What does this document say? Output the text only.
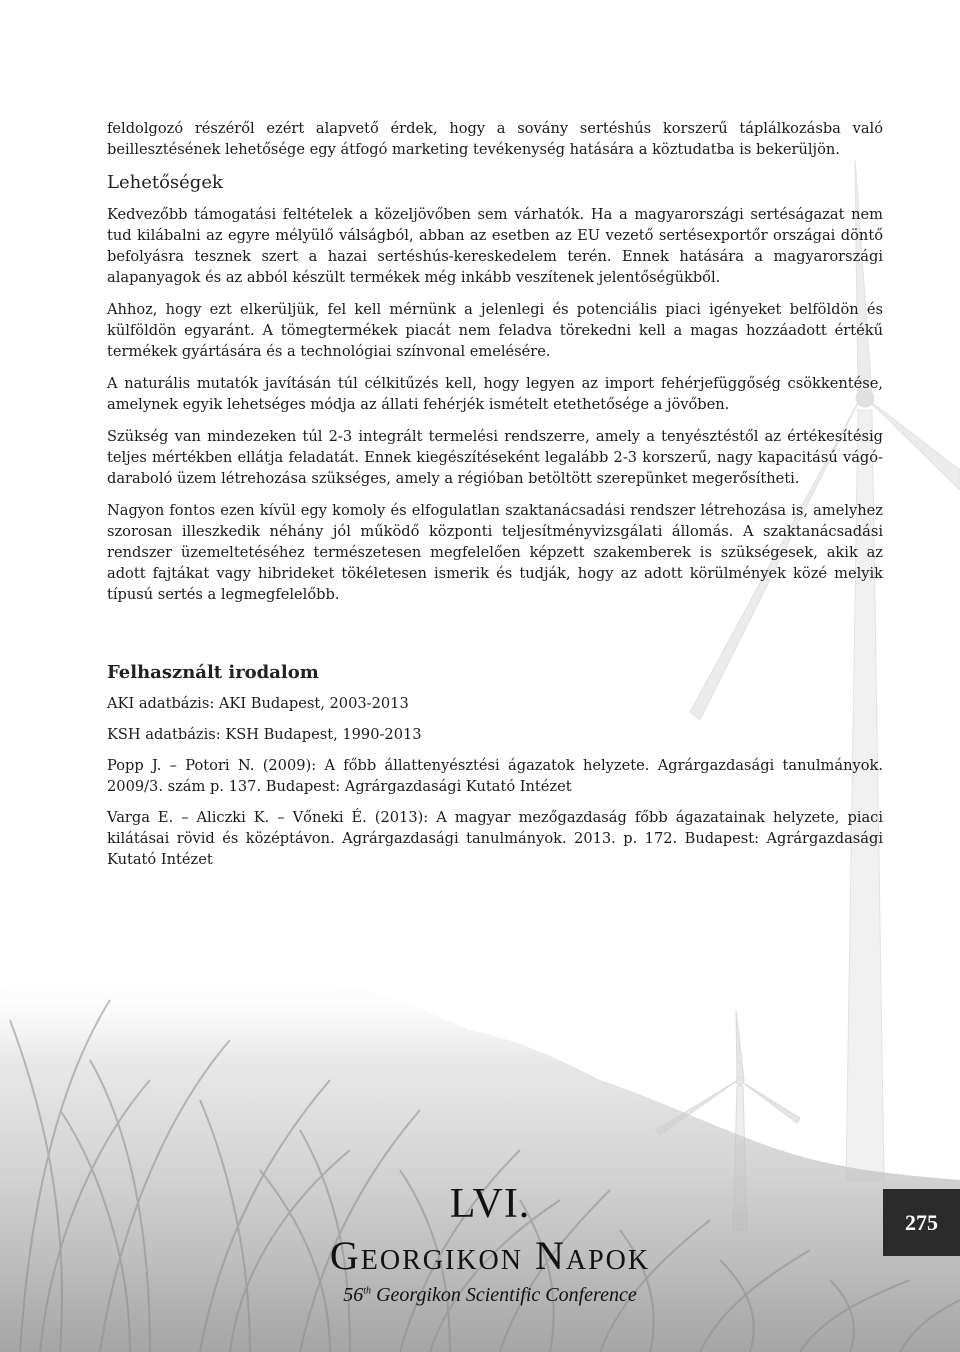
feldolgozó részéről ezért alapvető érdek, hogy a sovány sertéshús korszerű táplálkozásba való beillesztésének lehetősége egy átfogó marketing tevékenység hatására a köztudatba is bekerüljön.

Lehetőségek

Kedvezőbb támogatási feltételek a közeljövőben sem várhatók. Ha a magyarországi sertéságazat nem tud kilábalni az egyre mélyülő válságból, abban az esetben az EU vezető sertésexportőr országai döntő befolyásra tesznek szert a hazai sertéshús-kereskedelem terén. Ennek hatására a magyarországi alapanyagok és az abból készült termékek még inkább veszítenek jelentőségükből.

Ahhoz, hogy ezt elkerüljük, fel kell mérnünk a jelenlegi és potenciális piaci igényeket belföldön és külföldön egyaránt. A tömegtermékek piacát nem feladva törekedni kell a magas hozzáadott értékű termékek gyártására és a technológiai színvonal emelésére.

A naturális mutatók javításán túl célkitűzés kell, hogy legyen az import fehérjefüggőség csökkentése, amelynek egyik lehetséges módja az állati fehérjék ismételt etethetősége a jövőben.

Szükség van mindezeken túl 2-3 integrált termelési rendszerre, amely a tenyésztéstől az értékesítésig teljes mértékben ellátja feladatát. Ennek kiegészítéseként legalább 2-3 korszerű, nagy kapacitású vágó-daraboló üzem létrehozása szükséges, amely a régióban betöltött szerepünket megerősítheti.

Nagyon fontos ezen kívül egy komoly és elfogulatlan szaktanácsadási rendszer létrehozása is, amelyhez szorosan illeszkedik néhány jól működő központi teljesítményvizsgálati állomás. A szaktanácsadási rendszer üzemeltetéséhez természetesen megfelelően képzett szakemberek is szükségesek, akik az adott fajtákat vagy hibrideket tökéletesen ismerik és tudják, hogy az adott körülmények közé melyik típusú sertés a legmegfelelőbb.

Felhasznált irodalom

AKI adatbázis: AKI Budapest, 2003-2013

KSH adatbázis: KSH Budapest, 1990-2013

Popp J. – Potori N. (2009): A főbb állattenyésztési ágazatok helyzete. Agrárgazdasági tanulmányok. 2009/3. szám p. 137. Budapest: Agrárgazdasági Kutató Intézet

Varga E. – Aliczki K. – Vőneki É. (2013): A magyar mezőgazdaság főbb ágazatainak helyzete, piaci kilátásai rövid és középtávon. Agrárgazdasági tanulmányok. 2013. p. 172. Budapest: Agrárgazdasági Kutató Intézet

LVI.
Georgikon Napok
56th Georgikon Scientific Conference
275
